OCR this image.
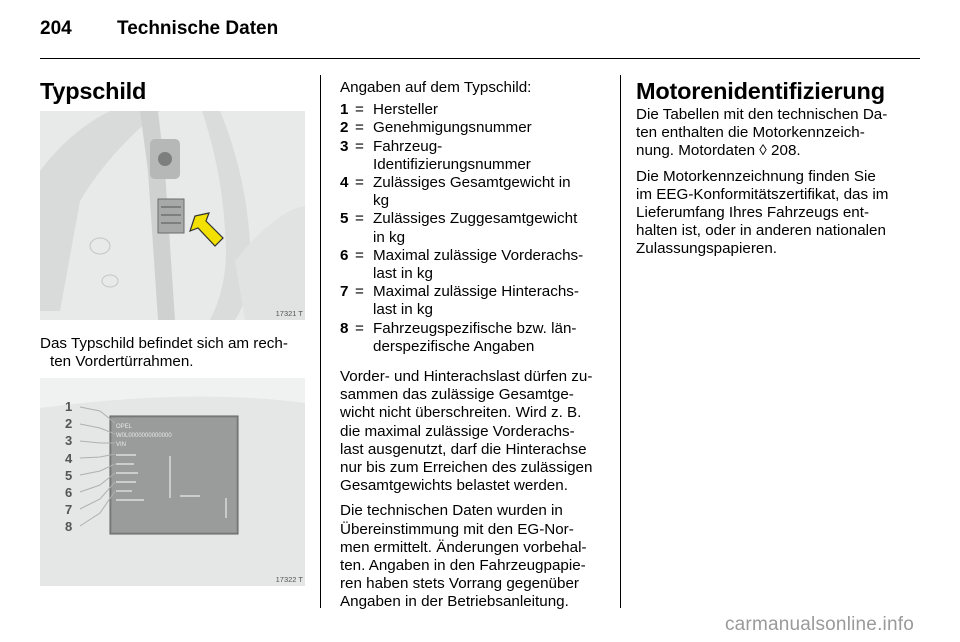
204 Technische Daten
Typschild
17321 T

Das Typschild befindet sich am rech-
ten Vordertürrahmen.

OPEL
W0L0000000000000
VIN
1
2
3
4
5
6
7
8
17322 T

Angaben auf dem Typschild:

1 = Hersteller
2 = Genehmigungsnummer
3 = Fahrzeug-
Identifizierungsnummer
4 = Zulässiges Gesamtgewicht in
kg
5 = Zulässiges Zuggesamtgewicht
in kg
6 = Maximal zulässige Vorderachs-
last in kg
7 = Maximal zulässige Hinterachs-
last in kg
8 = Fahrzeugspezifische bzw. län-
derspezifische Angaben

Vorder- und Hinterachslast dürfen zu-
sammen das zulässige Gesamtge-
wicht nicht überschreiten. Wird z. B.
die maximal zulässige Vorderachs-
last ausgenutzt, darf die Hinterachse
nur bis zum Erreichen des zulässigen
Gesamtgewichts belastet werden.

Die technischen Daten wurden in
Übereinstimmung mit den EG-Nor-
men ermittelt. Änderungen vorbehal-
ten. Angaben in den Fahrzeugpapie-
ren haben stets Vorrang gegenüber
Angaben in der Betriebsanleitung.

Motorenidentifizierung

Die Tabellen mit den technischen Da-
ten enthalten die Motorkennzeich-
nung. Motordaten ◊ 208.

Die Motorkennzeichnung finden Sie
im EEG-Konformitätszertifikat, das im
Lieferumfang Ihres Fahrzeugs ent-
halten ist, oder in anderen nationalen
Zulassungspapieren.

carmanualsonline.info
